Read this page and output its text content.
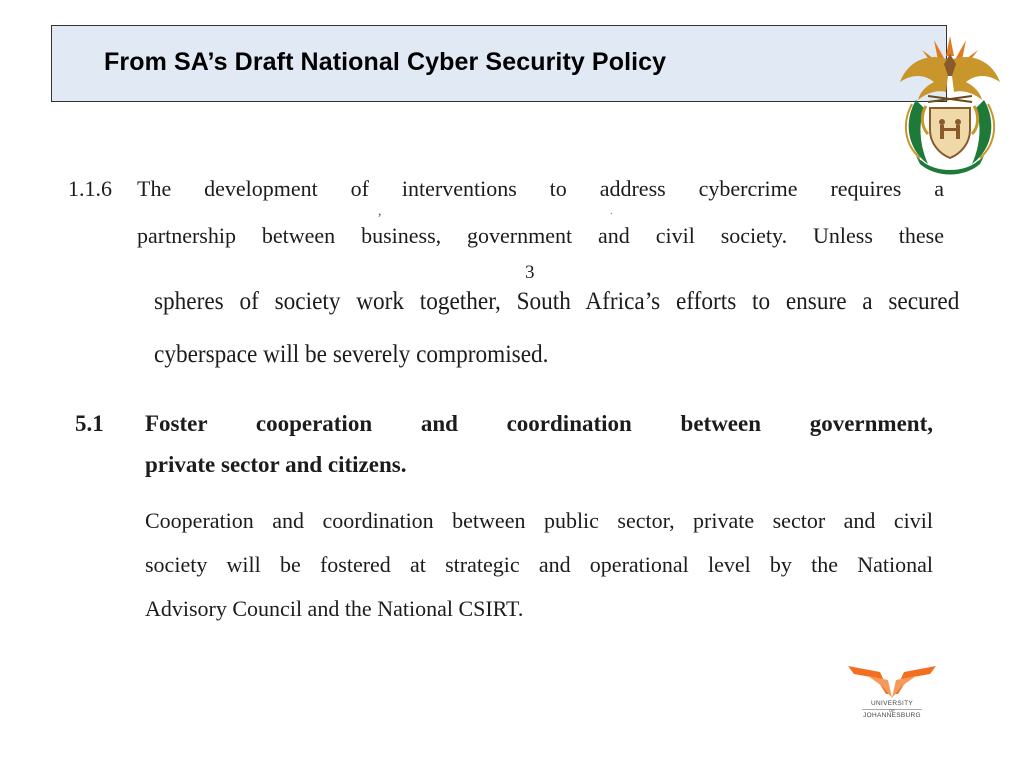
From SA’s Draft National Cyber Security Policy
1.1.6 The development of interventions to address cybercrime requires a
,	.
partnership between business, government and civil society. Unless these
3
spheres of society work together, South Africa’s efforts to ensure a secured
cyberspace will be severely compromised.
5.1 Foster cooperation and coordination between government,
private sector and citizens.
Cooperation and coordination between public sector, private sector and civil
society will be fostered at strategic and operational level by the National
Advisory Council and the National CSIRT.
UNIVERSITY
OF
JOHANNESBURG
